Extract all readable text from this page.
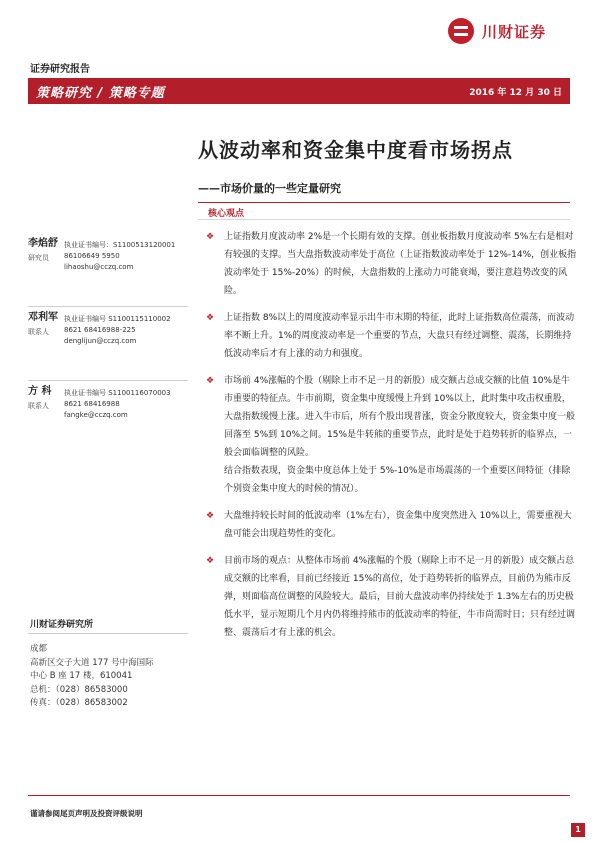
川财证券
证券研究报告
策略研究 / 策略专题	2016 年 12 月 30 日
从波动率和资金集中度看市场拐点
——市场价量的一些定量研究
核心观点
李焰舒
研究员
执业证书编号：S1100513120001
86106649 5950
lihaoshu@cczq.com
邓利军
联系人
执业证书编号 S1100115110002
8621 68416988-225
denglijun@cczq.com
方 科
联系人
执业证书编号 S1100116070003
8621 68416988
fangke@cczq.com
川财证券研究所
成都
高新区交子大道 177 号中海国际
中心 B 座 17 楼，610041
总机：（028）86583000
传真：（028）86583002
❖ 上证指数月度波动率 2%是一个长期有效的支撑。创业板指数月度波动率 5%左右是相对有较强的支撑。当大盘指数波动率处于高位（上证指数波动率处于 12%-14%，创业板指波动率处于 15%-20%）的时候，大盘指数的上涨动力可能衰竭，要注意趋势改变的风险。
❖ 上证指数 8%以上的周度波动率显示出牛市末期的特征，此时上证指数高位震荡，而波动率不断上升。1%的周度波动率是一个重要的节点，大盘只有经过调整、震荡，长期维持低波动率后才有上涨的动力和强度。
❖ 市场前 4%涨幅的个股（剔除上市不足一月的新股）成交额占总成交额的比值 10%是牛市重要的特征点。牛市前期，资金集中度缓慢上升到 10%以上，此时集中攻击权重股，大盘指数缓慢上涨。进入牛市后，所有个股出现普涨，资金分散度较大，资金集中度一般回落至 5%到 10%之间。15%是牛转熊的重要节点，此时是处于趋势转折的临界点，一般会面临调整的风险。
结合指数表现，资金集中度总体上处于 5%-10%是市场震荡的一个重要区间特征（排除个别资金集中度大的时候的情况）。
❖ 大盘维持较长时间的低波动率（1%左右），资金集中度突然进入 10%以上，需要重视大盘可能会出现趋势性的变化。
❖ 目前市场的观点：从整体市场前 4%涨幅的个股（剔除上市不足一月的新股）成交额占总成交额的比率看，目前已经接近 15%的高位，处于趋势转折的临界点，目前仍为熊市反弹，则面临高位调整的风险较大。最后，目前大盘波动率仍持续处于 1.3%左右的历史极低水平，显示短期几个月内仍将维持熊市的低波动率的特征，牛市尚需时日；只有经过调整、震荡后才有上涨的机会。
谨请参阅尾页声明及投资评级说明
1
